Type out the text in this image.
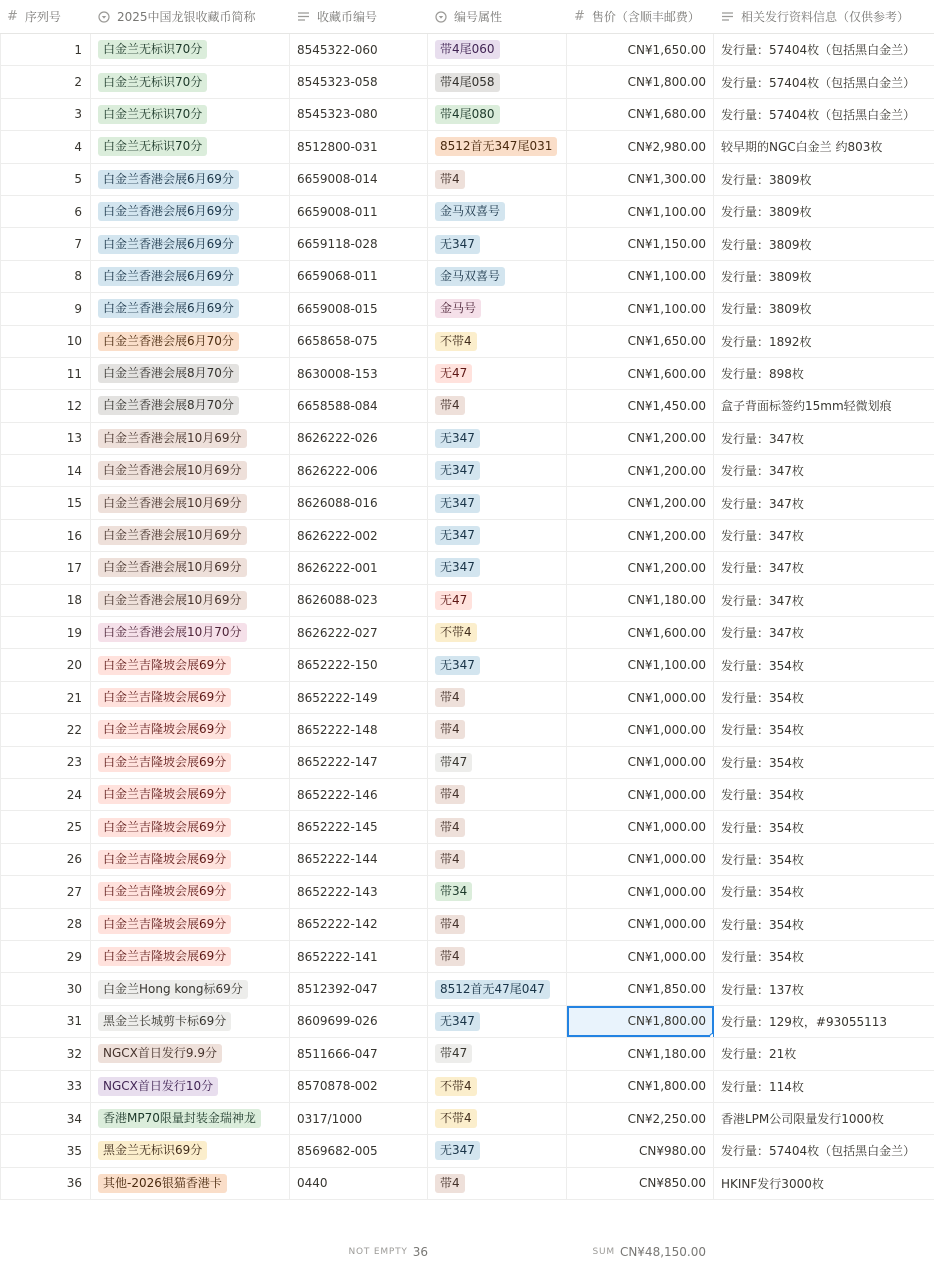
# 序列号	2025中国龙银收藏币简称	收藏币编号	编号属性	# 售价（含顺丰邮费）	相关发行资料信息（仅供参考）
1	白金兰无标识70分	8545322-060	带4尾060	CN¥1,650.00 发行量：57404枚（包括黑白金兰）
2	白金兰无标识70分	8545323-058	带4尾058	CN¥1,800.00 发行量：57404枚（包括黑白金兰）
3	白金兰无标识70分	8545323-080	带4尾080	CN¥1,680.00 发行量：57404枚（包括黑白金兰）
4	白金兰无标识70分	8512800-031	8512首无347尾031	CN¥2,980.00 较早期的NGC白金兰 约803枚
5	白金兰香港会展6月69分	6659008-014	带4	CN¥1,300.00 发行量：3809枚
6	白金兰香港会展6月69分	6659008-011	金马双喜号	CN¥1,100.00 发行量：3809枚
7	白金兰香港会展6月69分	6659118-028	无347	CN¥1,150.00 发行量：3809枚
8	白金兰香港会展6月69分	6659068-011	金马双喜号	CN¥1,100.00 发行量：3809枚
9	白金兰香港会展6月69分	6659008-015	金马号	CN¥1,100.00 发行量：3809枚
10	白金兰香港会展6月70分	6658658-075	不带4	CN¥1,650.00 发行量：1892枚
11	白金兰香港会展8月70分	8630008-153	无47	CN¥1,600.00 发行量：898枚
12	白金兰香港会展8月70分	6658588-084	带4	CN¥1,450.00 盒子背面标签约15mm轻微划痕
13	白金兰香港会展10月69分	8626222-026	无347	CN¥1,200.00 发行量：347枚
14	白金兰香港会展10月69分	8626222-006	无347	CN¥1,200.00 发行量：347枚
15	白金兰香港会展10月69分	8626088-016	无347	CN¥1,200.00 发行量：347枚
16	白金兰香港会展10月69分	8626222-002	无347	CN¥1,200.00 发行量：347枚
17	白金兰香港会展10月69分	8626222-001	无347	CN¥1,200.00 发行量：347枚
18	白金兰香港会展10月69分	8626088-023	无47	CN¥1,180.00 发行量：347枚
19	白金兰香港会展10月70分	8626222-027	不带4	CN¥1,600.00 发行量：347枚
20	白金兰吉隆坡会展69分	8652222-150	无347	CN¥1,100.00 发行量：354枚
21	白金兰吉隆坡会展69分	8652222-149	带4	CN¥1,000.00 发行量：354枚
22	白金兰吉隆坡会展69分	8652222-148	带4	CN¥1,000.00 发行量：354枚
23	白金兰吉隆坡会展69分	8652222-147	带47	CN¥1,000.00 发行量：354枚
24	白金兰吉隆坡会展69分	8652222-146	带4	CN¥1,000.00 发行量：354枚
25	白金兰吉隆坡会展69分	8652222-145	带4	CN¥1,000.00 发行量：354枚
26	白金兰吉隆坡会展69分	8652222-144	带4	CN¥1,000.00 发行量：354枚
27	白金兰吉隆坡会展69分	8652222-143	带34	CN¥1,000.00 发行量：354枚
28	白金兰吉隆坡会展69分	8652222-142	带4	CN¥1,000.00 发行量：354枚
29	白金兰吉隆坡会展69分	8652222-141	带4	CN¥1,000.00 发行量：354枚
30	白金兰Hong kong标69分	8512392-047	8512首无47尾047	CN¥1,850.00 发行量：137枚
31	黑金兰长城剪卡标69分	8609699-026	无347	CN¥1,800.00 发行量：129枚，#93055113
32	NGCX首日发行9.9分	8511666-047	带47	CN¥1,180.00 发行量：21枚
33	NGCX首日发行10分	8570878-002	不带4	CN¥1,800.00 发行量：114枚
34	香港MP70限量封装金瑞神龙	0317/1000	不带4	CN¥2,250.00 香港LPM公司限量发行1000枚
35	黑金兰无标识69分	8569682-005	无347	CN¥980.00 发行量：57404枚（包括黑白金兰）
36	其他-2026银猫香港卡	0440	带4	CN¥850.00 HKINF发行3000枚
NOT EMPTY 36	SUM CN¥48,150.00
